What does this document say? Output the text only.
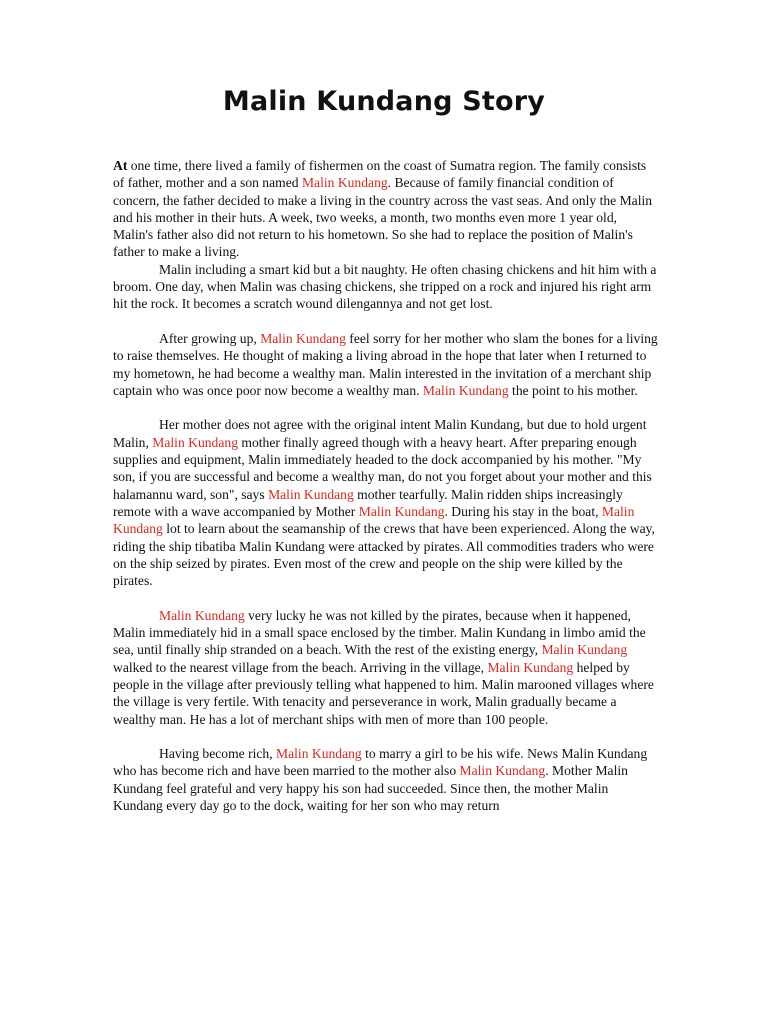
Malin Kundang Story

At one time, there lived a family of fishermen on the coast of Sumatra region. The family consists of father, mother and a son named Malin Kundang. Because of family financial condition of concern, the father decided to make a living in the country across the vast seas. And only the Malin and his mother in their huts. A week, two weeks, a month, two months even more 1 year old, Malin's father also did not return to his hometown. So she had to replace the position of Malin's father to make a living.

Malin including a smart kid but a bit naughty. He often chasing chickens and hit him with a broom. One day, when Malin was chasing chickens, she tripped on a rock and injured his right arm hit the rock. It becomes a scratch wound dilengannya and not get lost.

After growing up, Malin Kundang feel sorry for her mother who slam the bones for a living to raise themselves. He thought of making a living abroad in the hope that later when I returned to my hometown, he had become a wealthy man. Malin interested in the invitation of a merchant ship captain who was once poor now become a wealthy man. Malin Kundang the point to his mother.

Her mother does not agree with the original intent Malin Kundang, but due to hold urgent Malin, Malin Kundang mother finally agreed though with a heavy heart. After preparing enough supplies and equipment, Malin immediately headed to the dock accompanied by his mother. "My son, if you are successful and become a wealthy man, do not you forget about your mother and this halamannu ward, son", says Malin Kundang mother tearfully. Malin ridden ships increasingly remote with a wave accompanied by Mother Malin Kundang. During his stay in the boat, Malin Kundang lot to learn about the seamanship of the crews that have been experienced. Along the way, riding the ship tibatiba Malin Kundang were attacked by pirates. All commodities traders who were on the ship seized by pirates. Even most of the crew and people on the ship were killed by the pirates.

Malin Kundang very lucky he was not killed by the pirates, because when it happened, Malin immediately hid in a small space enclosed by the timber. Malin Kundang in limbo amid the sea, until finally ship stranded on a beach. With the rest of the existing energy, Malin Kundang walked to the nearest village from the beach. Arriving in the village, Malin Kundang helped by people in the village after previously telling what happened to him. Malin marooned villages where the village is very fertile. With tenacity and perseverance in work, Malin gradually became a wealthy man. He has a lot of merchant ships with men of more than 100 people.

Having become rich, Malin Kundang to marry a girl to be his wife. News Malin Kundang who has become rich and have been married to the mother also Malin Kundang. Mother Malin Kundang feel grateful and very happy his son had succeeded. Since then, the mother Malin Kundang every day go to the dock, waiting for her son who may return
